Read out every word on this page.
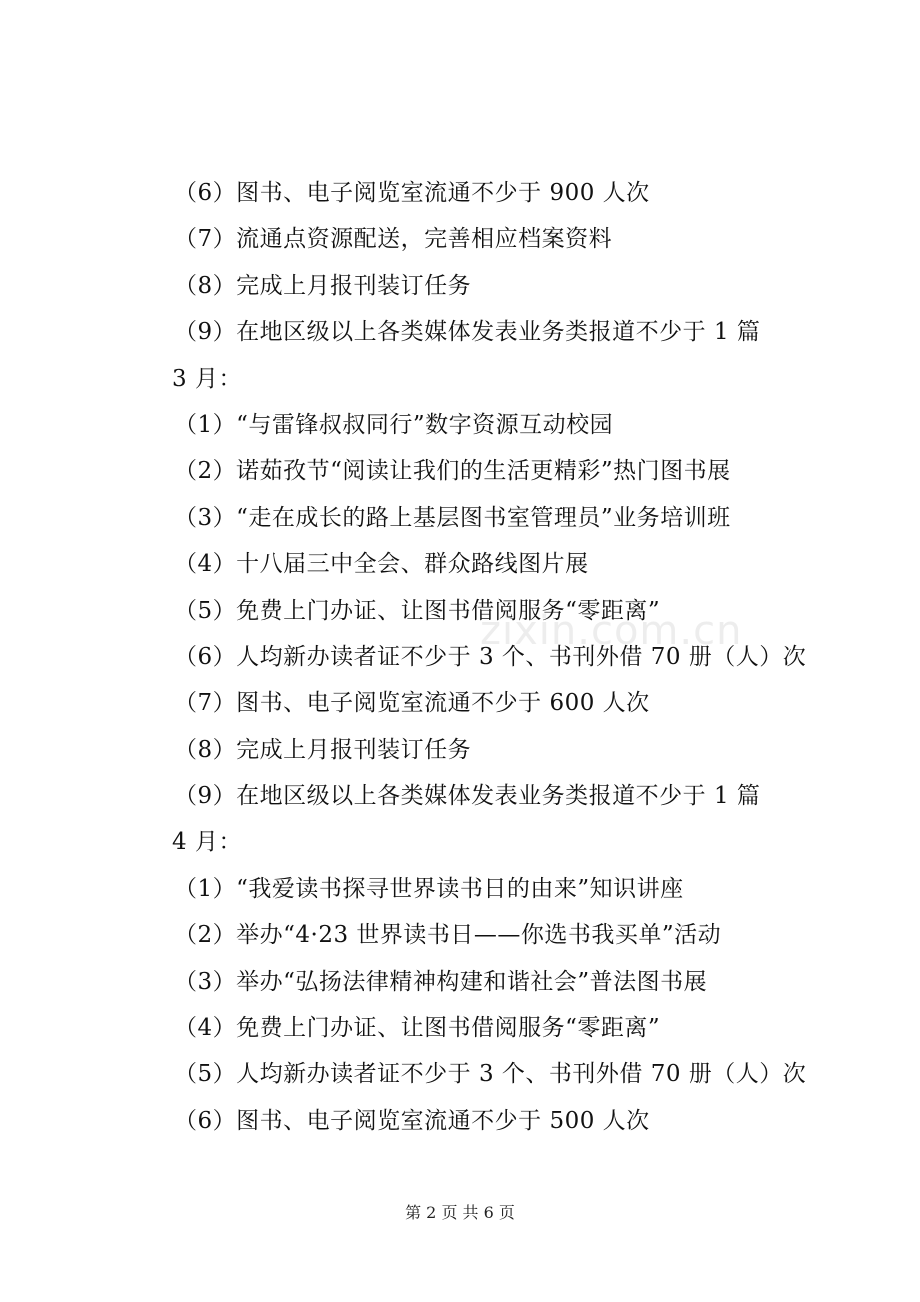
（6）图书、电子阅览室流通不少于 900 人次
（7）流通点资源配送，完善相应档案资料
（8）完成上月报刊装订任务
（9）在地区级以上各类媒体发表业务类报道不少于 1 篇
3 月：
（1）“与雷锋叔叔同行”数字资源互动校园
（2）诺茹孜节“阅读让我们的生活更精彩”热门图书展
（3）“走在成长的路上基层图书室管理员”业务培训班
（4）十八届三中全会、群众路线图片展
（5）免费上门办证、让图书借阅服务“零距离”
（6）人均新办读者证不少于 3 个、书刊外借 70 册（人）次
（7）图书、电子阅览室流通不少于 600 人次
（8）完成上月报刊装订任务
（9）在地区级以上各类媒体发表业务类报道不少于 1 篇
4 月：
（1）“我爱读书探寻世界读书日的由来”知识讲座
（2）举办“4·23 世界读书日——你选书我买单”活动
（3）举办“弘扬法律精神构建和谐社会”普法图书展
（4）免费上门办证、让图书借阅服务“零距离”
（5）人均新办读者证不少于 3 个、书刊外借 70 册（人）次
（6）图书、电子阅览室流通不少于 500 人次
zixin.com.cn
第 2 页 共 6 页
